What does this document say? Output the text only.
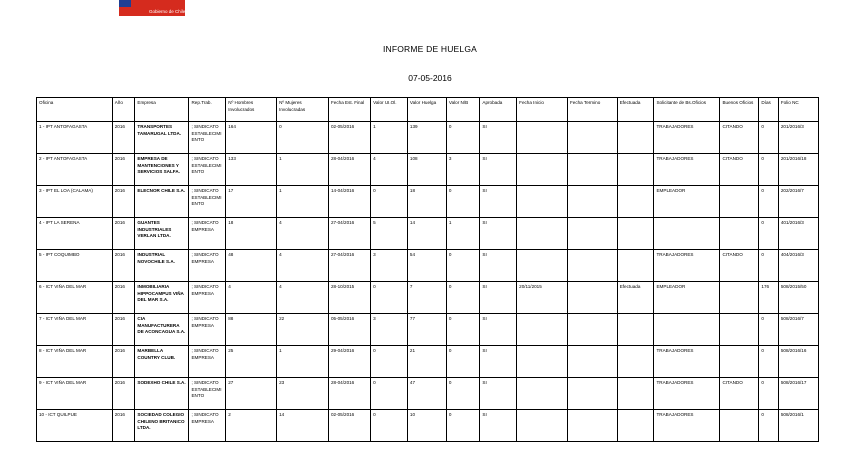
Gobierno de Chile
INFORME DE HUELGA
07-05-2016
Oficina	Año	Empresa	Rep.Trab.	Nº Hombres Involucrados	Nº Mujeres Involucradas	Fecha Est. Final	Valor UI.Ol.	Valor Huelga	Valor N/B	Aprobada	Fecha Inicio	Fecha Termino	Efectuada	Solicitante de Bs.Oficios	Buenos Oficios	Días	Folio NC
1 - IPT ANTOFAGASTA	2016	TRANSPORTES TAMARUGAL LTDA.	; SINDICATO ESTABLECIMIENTO	164	0	02-05/2016	1	139	0	SI				TRABAJADORES	CITANDO	0	201/2016/3
2 - IPT ANTOFAGASTA	2016	EMPRESA DE MANTENCIONES Y SERVICIOS SALFA.	; SINDICATO ESTABLECIMIENTO	133	1	28-04/2016	4	108	3	SI				TRABAJADORES	CITANDO	0	201/2016/18
3 - IPT EL LOA (CALAMA)	2016	ELECNOR CHILE S.A.	; SINDICATO ESTABLECIMIENTO	17	1	14-04/2016	0	18	0	SI				EMPLEADOR		0	202/2016/7
4 - IPT LA SERENA	2016	GUANTES INDUSTRIALES VERLAN LTDA.	; SINDICATO EMPRESA	18	4	27-04/2016	5	14	1	SI						0	401/2016/3
5 - IPT COQUIMBO	2016	INDUSTRIAL NOVOCHILE S.A.	; SINDICATO EMPRESA	48	4	27-04/2016	3	54	0	SI				TRABAJADORES	CITANDO	0	404/2016/3
6 - ICT VIÑA DEL MAR	2016	INMOBILIARIA HIPPOCAMPUS VIÑA DEL MAR S.A.	; SINDICATO EMPRESA	4	4	28-10/2015	0	7	0	SI	20/11/2015		Efectuada	EMPLEADOR		176	508/2015/50
7 - ICT VIÑA DEL MAR	2016	CIA MANUFACTURERA DE ACONCAGUA S.A.	; SINDICATO EMPRESA	88	22	05-05/2016	3	77	0	SI						0	508/2016/7
8 - ICT VIÑA DEL MAR	2016	MARBELLA COUNTRY CLUB.	; SINDICATO EMPRESA	25	1	29-04/2016	0	21	0	SI				TRABAJADORES		0	508/2016/16
9 - ICT VIÑA DEL MAR	2016	SODEXHO CHILE S.A.	; SINDICATO ESTABLECIMIENTO	27	23	28-04/2016	0	47	0	SI				TRABAJADORES	CITANDO	0	508/2016/17
10 - ICT QUILPUE	2016	SOCIEDAD COLEGIO CHILENO BRITANICO LTDA.	; SINDICATO EMPRESA	2	14	02-05/2016	0	10	0	SI				TRABAJADORES		0	508/2016/1
